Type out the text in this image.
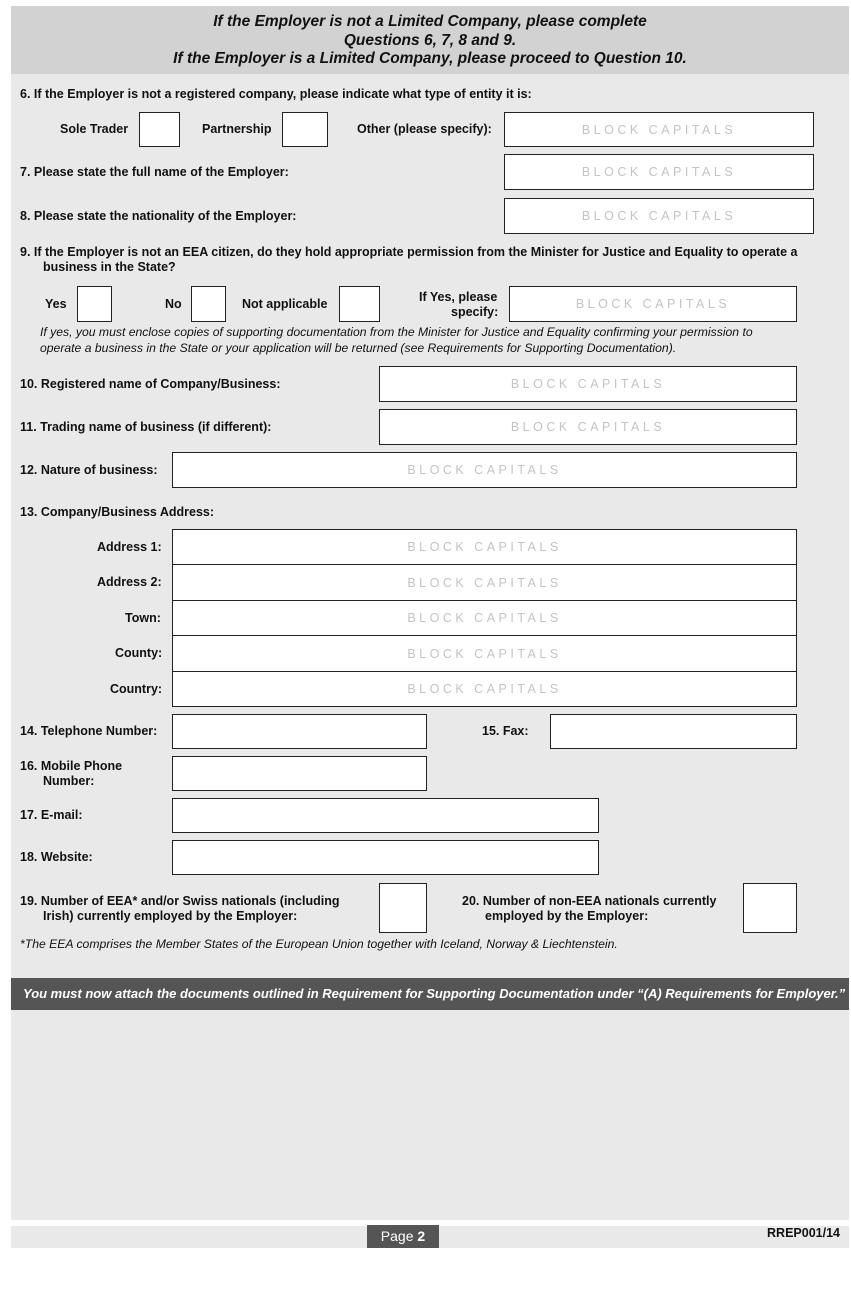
If the Employer is not a Limited Company, please complete
Questions 6, 7, 8 and 9.
If the Employer is a Limited Company, please proceed to Question 10.
6. If the Employer is not a registered company, please indicate what type of entity it is:
Sole Trader	Partnership	Other (please specify):	BLOCK CAPITALS
7. Please state the full name of the Employer:	BLOCK CAPITALS
8. Please state the nationality of the Employer:	BLOCK CAPITALS
9. If the Employer is not an EEA citizen, do they hold appropriate permission from the Minister for Justice and Equality to operate a
business in the State?
Yes	No	Not applicable	If Yes, please
specify:
BLOCK CAPITALS
If yes, you must enclose copies of supporting documentation from the Minister for Justice and Equality confirming your permission to
operate a business in the State or your application will be returned (see Requirements for Supporting Documentation).
10. Registered name of Company/Business:	BLOCK CAPITALS
11. Trading name of business (if different):	BLOCK CAPITALS
12. Nature of business:	BLOCK CAPITALS
13. Company/Business Address:
Address 1:	BLOCK CAPITALS
Address 2:	BLOCK CAPITALS
Town:	BLOCK CAPITALS
County:	BLOCK CAPITALS
Country:	BLOCK CAPITALS
14. Telephone Number:	15. Fax:
16. Mobile Phone
Number:
17. E-mail:
18. Website:
19. Number of EEA* and/or Swiss nationals (including
Irish) currently employed by the Employer:
20. Number of non-EEA nationals currently
employed by the Employer:
*The EEA comprises the Member States of the European Union together with Iceland, Norway & Liechtenstein.
You must now attach the documents outlined in Requirement for Supporting Documentation under “(A) Requirements for Employer.”
Page 2	RREP001/14
